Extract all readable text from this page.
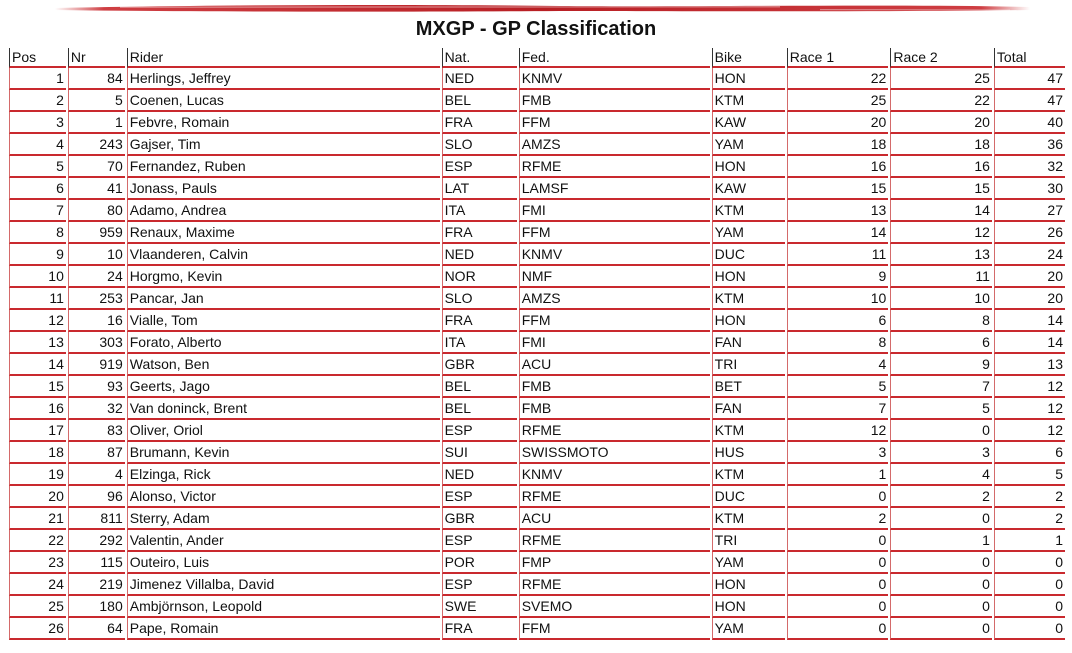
MXGP - GP Classification
Pos	Nr	Rider	Nat.	Fed.	Bike	Race 1	Race 2	Total
1	84	Herlings, Jeffrey	NED	KNMV	HON	22	25	47
2	5	Coenen, Lucas	BEL	FMB	KTM	25	22	47
3	1	Febvre, Romain	FRA	FFM	KAW	20	20	40
4	243	Gajser, Tim	SLO	AMZS	YAM	18	18	36
5	70	Fernandez, Ruben	ESP	RFME	HON	16	16	32
6	41	Jonass, Pauls	LAT	LAMSF	KAW	15	15	30
7	80	Adamo, Andrea	ITA	FMI	KTM	13	14	27
8	959	Renaux, Maxime	FRA	FFM	YAM	14	12	26
9	10	Vlaanderen, Calvin	NED	KNMV	DUC	11	13	24
10	24	Horgmo, Kevin	NOR	NMF	HON	9	11	20
11	253	Pancar, Jan	SLO	AMZS	KTM	10	10	20
12	16	Vialle, Tom	FRA	FFM	HON	6	8	14
13	303	Forato, Alberto	ITA	FMI	FAN	8	6	14
14	919	Watson, Ben	GBR	ACU	TRI	4	9	13
15	93	Geerts, Jago	BEL	FMB	BET	5	7	12
16	32	Van doninck, Brent	BEL	FMB	FAN	7	5	12
17	83	Oliver, Oriol	ESP	RFME	KTM	12	0	12
18	87	Brumann, Kevin	SUI	SWISSMOTO	HUS	3	3	6
19	4	Elzinga, Rick	NED	KNMV	KTM	1	4	5
20	96	Alonso, Victor	ESP	RFME	DUC	0	2	2
21	811	Sterry, Adam	GBR	ACU	KTM	2	0	2
22	292	Valentin, Ander	ESP	RFME	TRI	0	1	1
23	115	Outeiro, Luis	POR	FMP	YAM	0	0	0
24	219	Jimenez Villalba, David	ESP	RFME	HON	0	0	0
25	180	Ambjörnson, Leopold	SWE	SVEMO	HON	0	0	0
26	64	Pape, Romain	FRA	FFM	YAM	0	0	0
